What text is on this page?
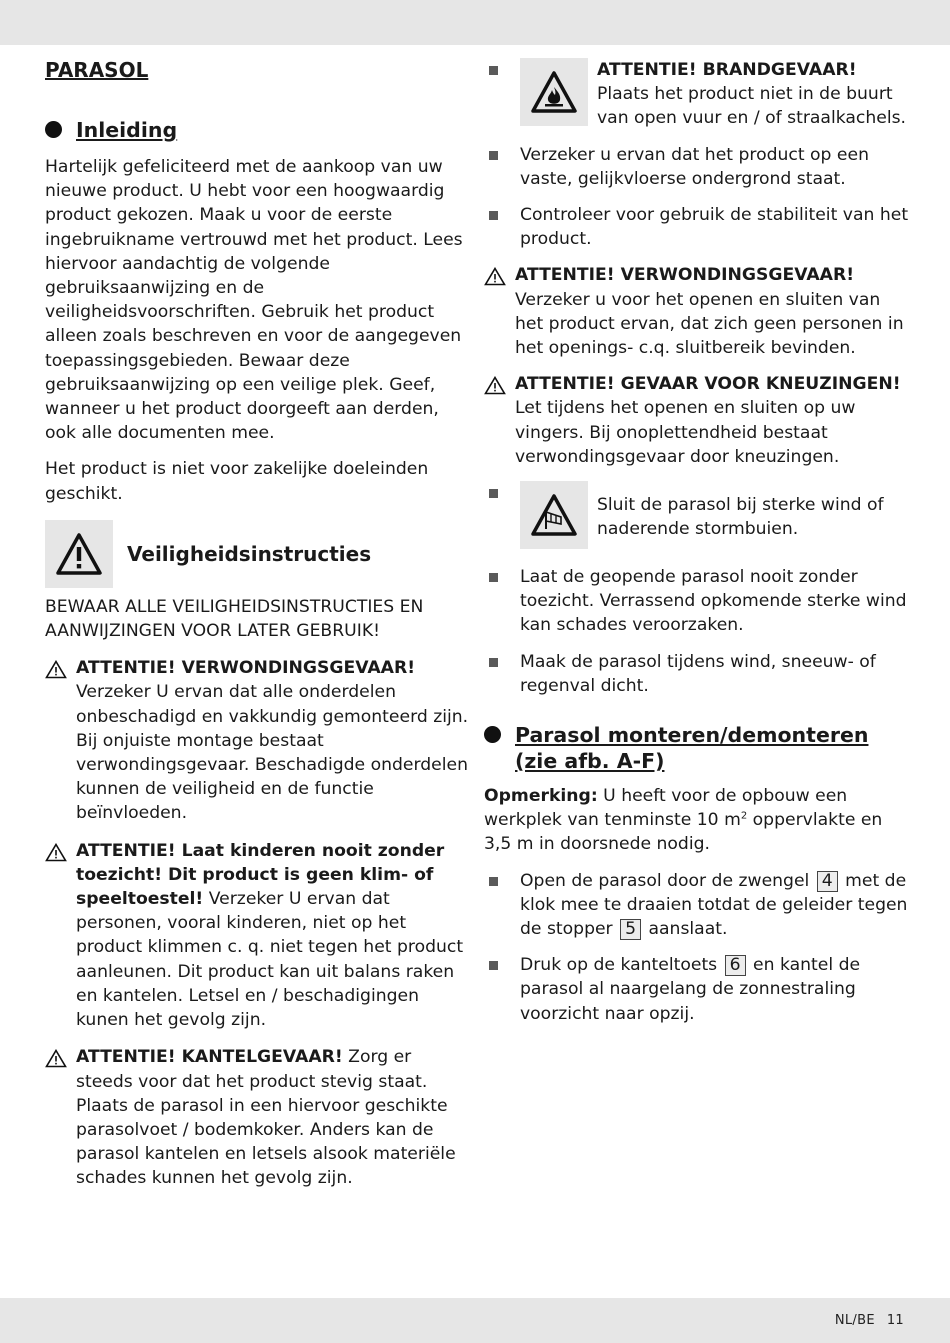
PARASOL
Inleiding

Hartelijk gefeliciteerd met de aankoop van uw nieuwe product. U hebt voor een hoogwaardig product gekozen. Maak u voor de eerste ingebruikname vertrouwd met het product. Lees hiervoor aandachtig de volgende gebruiksaanwijzing en de veiligheidsvoorschriften. Gebruik het product alleen zoals beschreven en voor de aangegeven toepassingsgebieden. Bewaar deze gebruiksaanwijzing op een veilige plek. Geef, wanneer u het product doorgeeft aan derden, ook alle documenten mee.

Het product is niet voor zakelijke doeleinden geschikt.

Veiligheidsinstructies

BEWAAR ALLE VEILIGHEIDSINSTRUCTIES EN AANWIJZINGEN VOOR LATER GEBRUIK!

ATTENTIE! VERWONDINGSGEVAAR!
Verzeker U ervan dat alle onderdelen onbeschadigd en vakkundig gemonteerd zijn. Bij onjuiste montage bestaat verwondingsgevaar. Beschadigde onderdelen kunnen de veiligheid en de functie beïnvloeden.
ATTENTIE! Laat kinderen nooit zonder toezicht! Dit product is geen klim- of speeltoestel! Verzeker U ervan dat personen, vooral kinderen, niet op het product klimmen c. q. niet tegen het product aanleunen. Dit product kan uit balans raken en kantelen. Letsel en / beschadigingen kunen het gevolg zijn.
ATTENTIE! KANTELGEVAAR! Zorg er steeds voor dat het product stevig staat. Plaats de parasol in een hiervoor geschikte parasolvoet / bodemkoker. Anders kan de parasol kantelen en letsels alsook materiële schades kunnen het gevolg zijn.
ATTENTIE! BRANDGEVAAR!
Plaats het product niet in de buurt van open vuur en / of straalkachels.
Verzeker u ervan dat het product op een vaste, gelijkvloerse ondergrond staat.
Controleer voor gebruik de stabiliteit van het product.
ATTENTIE! VERWONDINGSGEVAAR!
Verzeker u voor het openen en sluiten van het product ervan, dat zich geen personen in het openings- c.q. sluitbereik bevinden.
ATTENTIE! GEVAAR VOOR KNEUZINGEN! Let tijdens het openen en sluiten op uw vingers. Bij onoplettendheid bestaat verwondingsgevaar door kneuzingen.
Sluit de parasol bij sterke wind of naderende stormbuien.
Laat de geopende parasol nooit zonder toezicht. Verrassend opkomende sterke wind kan schades veroorzaken.
Maak de parasol tijdens wind, sneeuw- of regenval dicht.
Parasol monteren/demonteren (zie afb. A-F)

Opmerking: U heeft voor de opbouw een werkplek van tenminste 10 $m^2$ oppervlakte en 3,5 m in doorsnede nodig.

Open de parasol door de zwengel 4 met de klok mee te draaien totdat de geleider tegen de stopper 5 aanslaat.
Druk op de kanteltoets 6 en kantel de parasol al naargelang de zonnestraling voorzicht naar opzij.
NL/BE 11
